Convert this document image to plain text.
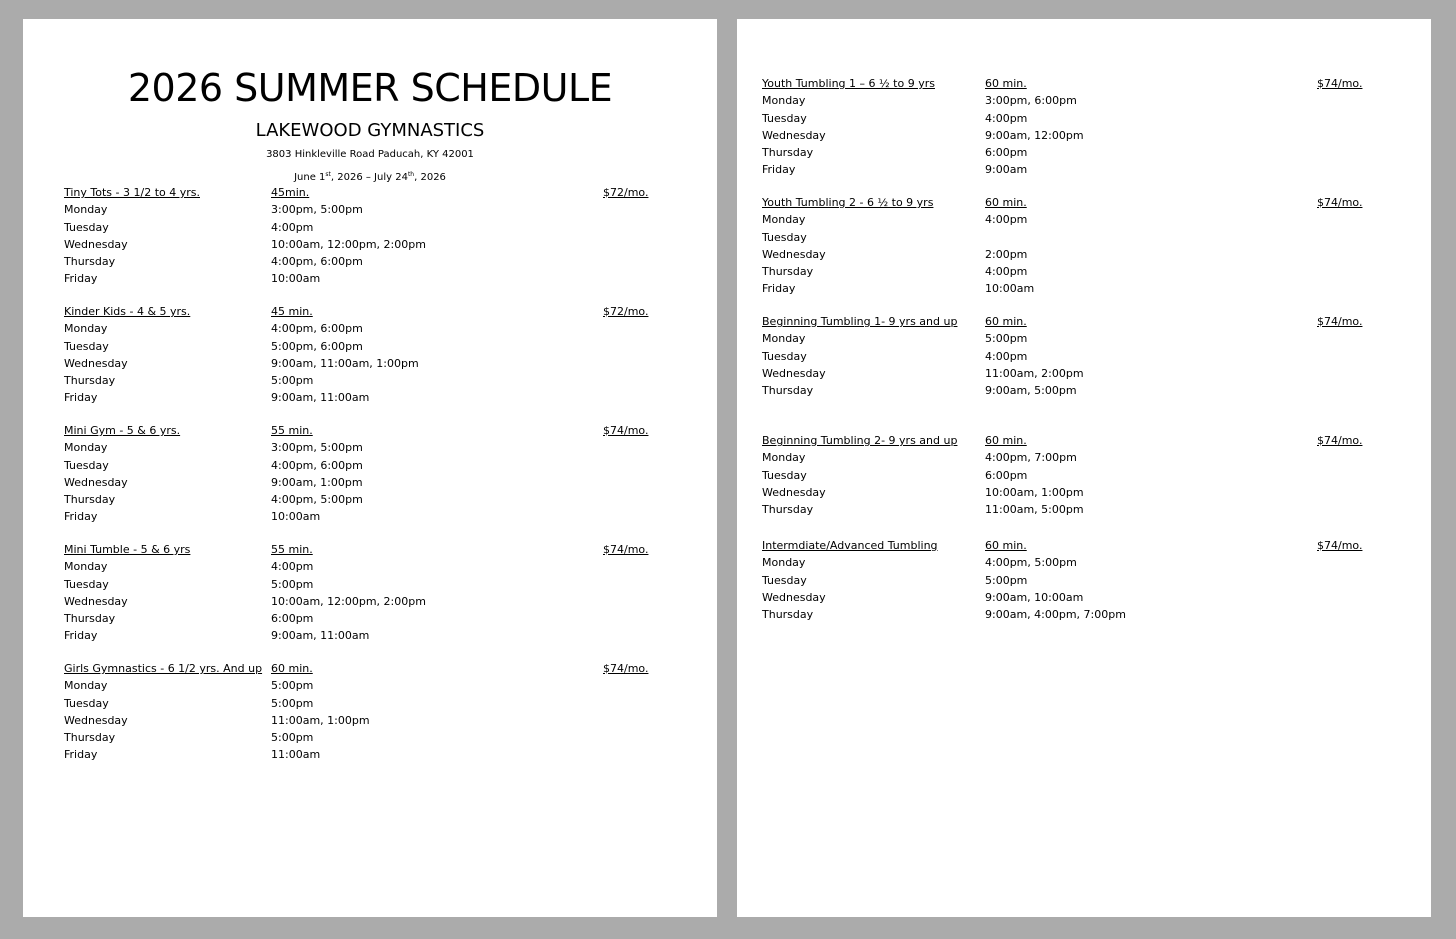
2026 SUMMER SCHEDULE
LAKEWOOD GYMNASTICS
3803 Hinkleville Road Paducah, KY 42001
June 1st, 2026 – July 24th, 2026
Tiny Tots - 3 1/2 to 4 yrs.	45min.	$72/mo.
Monday	3:00pm, 5:00pm
Tuesday	4:00pm
Wednesday	10:00am, 12:00pm, 2:00pm
Thursday	4:00pm, 6:00pm
Friday	10:00am
Kinder Kids - 4 & 5 yrs.	45 min.	$72/mo.
Monday	4:00pm, 6:00pm
Tuesday	5:00pm, 6:00pm
Wednesday	9:00am, 11:00am, 1:00pm
Thursday	5:00pm
Friday	9:00am, 11:00am
Mini Gym - 5 & 6 yrs.	55 min.	$74/mo.
Monday	3:00pm, 5:00pm
Tuesday	4:00pm, 6:00pm
Wednesday	9:00am, 1:00pm
Thursday	4:00pm, 5:00pm
Friday	10:00am
Mini Tumble - 5 & 6 yrs	55 min.	$74/mo.
Monday	4:00pm
Tuesday	5:00pm
Wednesday	10:00am, 12:00pm, 2:00pm
Thursday	6:00pm
Friday	9:00am, 11:00am
Girls Gymnastics - 6 1/2 yrs. And up 60 min.	$74/mo.
Monday	5:00pm
Tuesday	5:00pm
Wednesday	11:00am, 1:00pm
Thursday	5:00pm
Friday	11:00am
Youth Tumbling 1 – 6 ½ to 9 yrs	60 min.	$74/mo.
Monday	3:00pm, 6:00pm
Tuesday	4:00pm
Wednesday	9:00am, 12:00pm
Thursday	6:00pm
Friday	9:00am
Youth Tumbling 2 - 6 ½ to 9 yrs	60 min.	$74/mo.
Monday	4:00pm
Tuesday
Wednesday	2:00pm
Thursday	4:00pm
Friday	10:00am
Beginning Tumbling 1- 9 yrs and up	60 min.	$74/mo.
Monday	5:00pm
Tuesday	4:00pm
Wednesday	11:00am, 2:00pm
Thursday	9:00am, 5:00pm
Beginning Tumbling 2- 9 yrs and up	60 min.	$74/mo.
Monday	4:00pm, 7:00pm
Tuesday	6:00pm
Wednesday	10:00am, 1:00pm
Thursday	11:00am, 5:00pm
Intermdiate/Advanced Tumbling	60 min.	$74/mo.
Monday	4:00pm, 5:00pm
Tuesday	5:00pm
Wednesday	9:00am, 10:00am
Thursday	9:00am, 4:00pm, 7:00pm
